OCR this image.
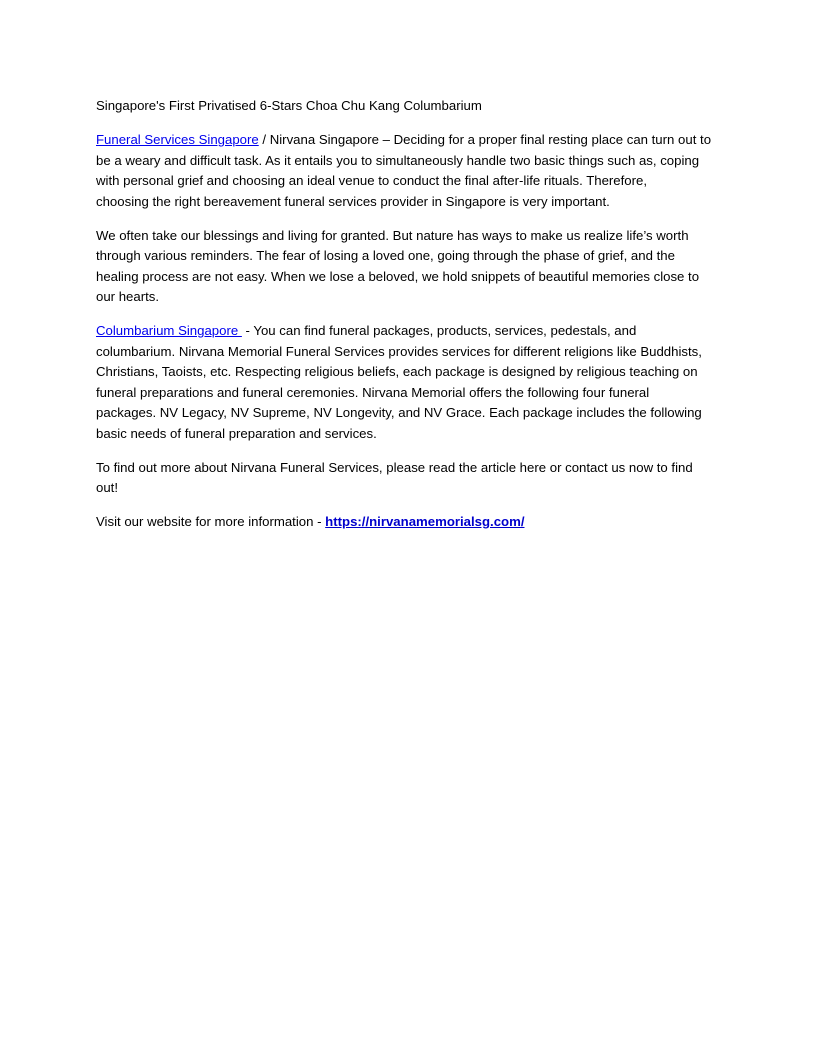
Singapore's First Privatised 6-Stars Choa Chu Kang Columbarium

Funeral Services Singapore / Nirvana Singapore – Deciding for a proper final resting place can turn out to
be a weary and difficult task. As it entails you to simultaneously handle two basic things such as, coping
with personal grief and choosing an ideal venue to conduct the final after-life rituals. Therefore,
choosing the right bereavement funeral services provider in Singapore is very important.

We often take our blessings and living for granted. But nature has ways to make us realize life’s worth
through various reminders. The fear of losing a loved one, going through the phase of grief, and the
healing process are not easy. When we lose a beloved, we hold snippets of beautiful memories close to
our hearts.

Columbarium Singapore  - You can find funeral packages, products, services, pedestals, and
columbarium. Nirvana Memorial Funeral Services provides services for different religions like Buddhists,
Christians, Taoists, etc. Respecting religious beliefs, each package is designed by religious teaching on
funeral preparations and funeral ceremonies. Nirvana Memorial offers the following four funeral
packages. NV Legacy, NV Supreme, NV Longevity, and NV Grace. Each package includes the following
basic needs of funeral preparation and services.

To find out more about Nirvana Funeral Services, please read the article here or contact us now to find
out!

Visit our website for more information - https://nirvanamemorialsg.com/
